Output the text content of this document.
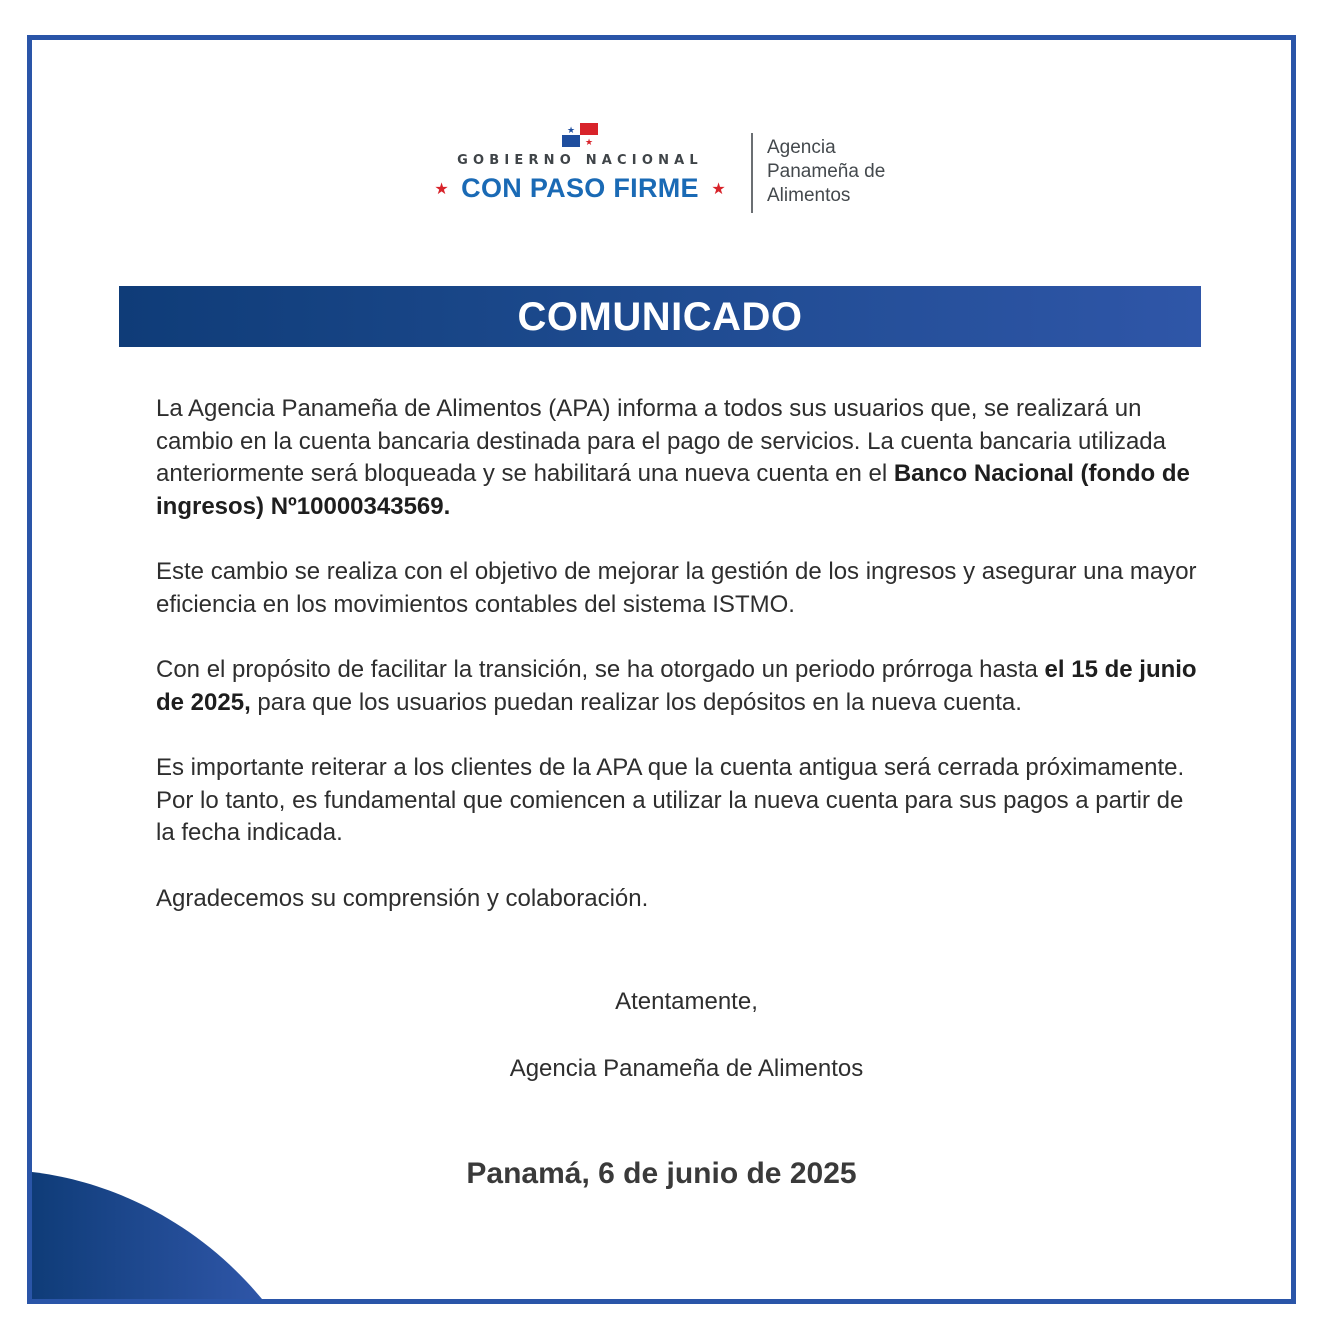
★
★
GOBIERNO NACIONAL
★ CON PASO FIRME ★
Agencia
Panameña de
Alimentos
COMUNICADO

La Agencia Panameña de Alimentos (APA) informa a todos sus usuarios que, se realizará un cambio en la cuenta bancaria destinada para el pago de servicios. La cuenta bancaria utilizada anteriormente será bloqueada y se habilitará una nueva cuenta en el Banco Nacional (fondo de ingresos) Nº10000343569.

Este cambio se realiza con el objetivo de mejorar la gestión de los ingresos y asegurar una mayor eficiencia en los movimientos contables del sistema ISTMO.

Con el propósito de facilitar la transición, se ha otorgado un periodo prórroga hasta el 15 de junio de 2025, para que los usuarios puedan realizar los depósitos en la nueva cuenta.

Es importante reiterar a los clientes de la APA que la cuenta antigua será cerrada próximamente. Por lo tanto, es fundamental que comiencen a utilizar la nueva cuenta para sus pagos a partir de la fecha indicada.

Agradecemos su comprensión y colaboración.

Atentamente,
Agencia Panameña de Alimentos
Panamá, 6 de junio de 2025
